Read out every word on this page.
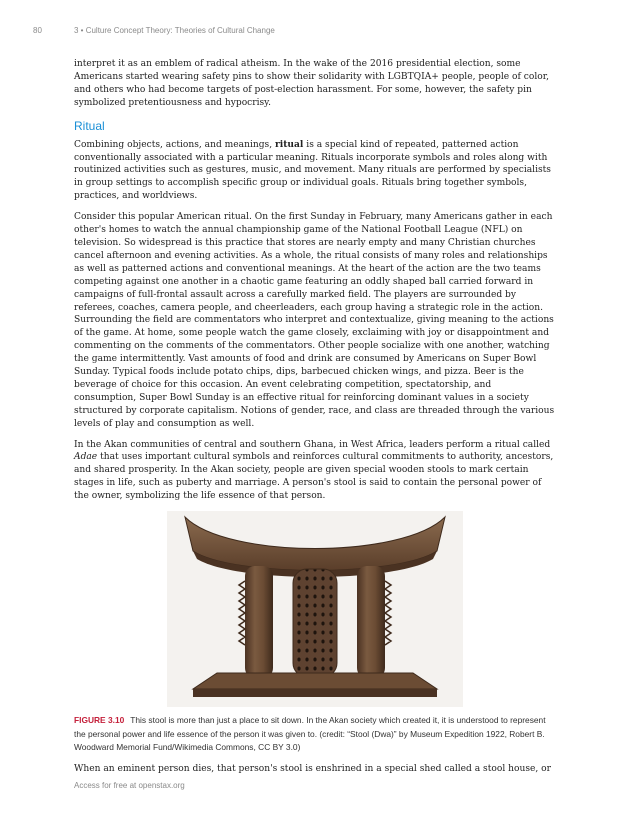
80	3 • Culture Concept Theory: Theories of Cultural Change

interpret it as an emblem of radical atheism. In the wake of the 2016 presidential election, some Americans started wearing safety pins to show their solidarity with LGBTQIA+ people, people of color, and others who had become targets of post-election harassment. For some, however, the safety pin symbolized pretentiousness and hypocrisy.

Ritual

Combining objects, actions, and meanings, ritual is a special kind of repeated, patterned action conventionally associated with a particular meaning. Rituals incorporate symbols and roles along with routinized activities such as gestures, music, and movement. Many rituals are performed by specialists in group settings to accomplish specific group or individual goals. Rituals bring together symbols, practices, and worldviews.

Consider this popular American ritual. On the first Sunday in February, many Americans gather in each other's homes to watch the annual championship game of the National Football League (NFL) on television. So widespread is this practice that stores are nearly empty and many Christian churches cancel afternoon and evening activities. As a whole, the ritual consists of many roles and relationships as well as patterned actions and conventional meanings. At the heart of the action are the two teams competing against one another in a chaotic game featuring an oddly shaped ball carried forward in campaigns of full-frontal assault across a carefully marked field. The players are surrounded by referees, coaches, camera people, and cheerleaders, each group having a strategic role in the action. Surrounding the field are commentators who interpret and contextualize, giving meaning to the actions of the game. At home, some people watch the game closely, exclaiming with joy or disappointment and commenting on the comments of the commentators. Other people socialize with one another, watching the game intermittently. Vast amounts of food and drink are consumed by Americans on Super Bowl Sunday. Typical foods include potato chips, dips, barbecued chicken wings, and pizza. Beer is the beverage of choice for this occasion. An event celebrating competition, spectatorship, and consumption, Super Bowl Sunday is an effective ritual for reinforcing dominant values in a society structured by corporate capitalism. Notions of gender, race, and class are threaded through the various levels of play and consumption as well.

In the Akan communities of central and southern Ghana, in West Africa, leaders perform a ritual called Adae that uses important cultural symbols and reinforces cultural commitments to authority, ancestors, and shared prosperity. In the Akan society, people are given special wooden stools to mark certain stages in life, such as puberty and marriage. A person's stool is said to contain the personal power of the owner, symbolizing the life essence of that person.

FIGURE 3.10 This stool is more than just a place to sit down. In the Akan society which created it, it is understood to represent the personal power and life essence of the person it was given to. (credit: “Stool (Dwa)” by Museum Expedition 1922, Robert B. Woodward Memorial Fund/Wikimedia Commons, CC BY 3.0)

When an eminent person dies, that person's stool is enshrined in a special shed called a stool house, or

Access for free at openstax.org
